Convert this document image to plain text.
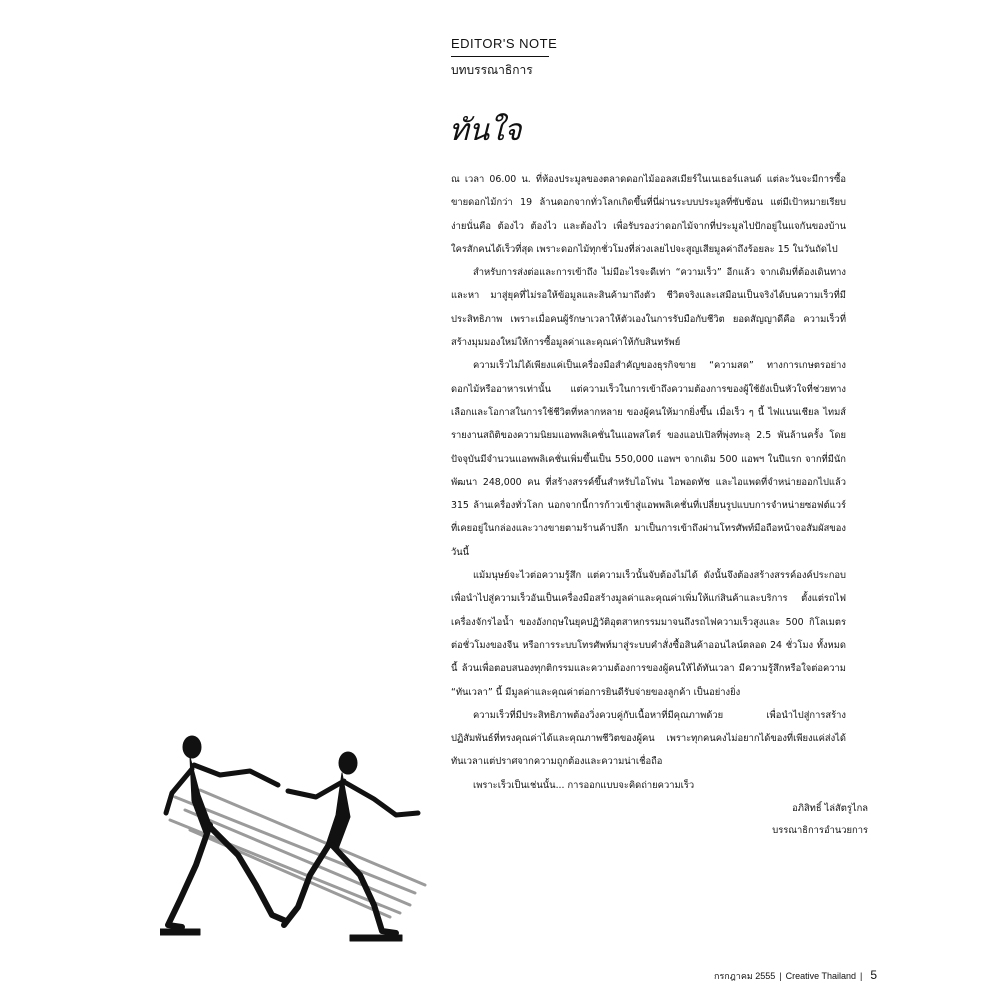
EDITOR'S NOTE
บทบรรณาธิการ
ทันใจ

ณ เวลา 06.00 น. ที่ห้องประมูลของตลาดดอกไม้ออลสเมียร์ในเนเธอร์แลนด์ แต่ละวันจะมีการซื้อขายดอกไม้กว่า 19 ล้านดอกจากทั่วโลกเกิดขึ้นที่นี่ผ่านระบบประมูลที่ซับซ้อน แต่มีเป้าหมายเรียบง่ายนั่นคือ ต้องไว ต้องไว และต้องไว เพื่อรับรองว่าดอกไม้จากที่ประมูลไปปักอยู่ในแจกันของบ้านใครสักคนได้เร็วที่สุด เพราะดอกไม้ทุกชั่วโมงที่ล่วงเลยไปจะสูญเสียมูลค่าถึงร้อยละ 15 ในวันถัดไป

สำหรับการส่งต่อและการเข้าถึง ไม่มีอะไรจะดีเท่า “ความเร็ว” อีกแล้ว จากเดิมที่ต้องเดินทางและหา มาสู่ยุคที่ไม่รอให้ข้อมูลและสินค้ามาถึงตัว ชีวิตจริงและเสมือนเป็นจริงได้บนความเร็วที่มีประสิทธิภาพ เพราะเมื่อคนผู้รักษาเวลาให้ตัวเองในการรับมือกับชีวิต ยอดสัญญาดีคือ ความเร็วที่สร้างมุมมองใหม่ให้การซื้อมูลค่าและคุณค่าให้กับสินทรัพย์

ความเร็วไม่ได้เพียงแค่เป็นเครื่องมือสำคัญของธุรกิจขาย “ความสด” ทางการเกษตรอย่างดอกไม้หรืออาหารเท่านั้น แต่ความเร็วในการเข้าถึงความต้องการของผู้ใช้ยังเป็นหัวใจที่ช่วยทางเลือกและโอกาสในการใช้ชีวิตที่หลากหลาย ของผู้คนให้มากยิ่งขึ้น เมื่อเร็ว ๆ นี้ ไฟแนนเชียล ไทมส์ รายงานสถิติของความนิยมแอพพลิเคชั่นในแอพสโตร์ ของแอปเปิลที่พุ่งทะลุ 2.5 พันล้านครั้ง โดยปัจจุบันมีจำนวนแอพพลิเคชั่นเพิ่มขึ้นเป็น 550,000 แอพฯ จากเดิม 500 แอพฯ ในปีแรก จากที่มีนักพัฒนา 248,000 คน ที่สร้างสรรค์ขึ้นสำหรับไอโฟน ไอพอดทัช และไอแพดที่จำหน่ายออกไปแล้ว 315 ล้านเครื่องทั่วโลก นอกจากนี้การก้าวเข้าสู่แอพพลิเคชั่นที่เปลี่ยนรูปแบบการจำหน่ายซอฟต์แวร์ที่เคยอยู่ในกล่องและวางขายตามร้านค้าปลีก มาเป็นการเข้าถึงผ่านโทรศัพท์มือถือหน้าจอสัมผัสของวันนี้

แม้มนุษย์จะไวต่อความรู้สึก แต่ความเร็วนั้นจับต้องไม่ได้ ดังนั้นจึงต้องสร้างสรรค์องค์ประกอบเพื่อนำไปสู่ความเร็วอันเป็นเครื่องมือสร้างมูลค่าและคุณค่าเพิ่มให้แก่สินค้าและบริการ ตั้งแต่รถไฟเครื่องจักรไอน้ำ ของอังกฤษในยุคปฏิวัติอุตสาหกรรมมาจนถึงรถไฟความเร็วสูงและ 500 กิโลเมตรต่อชั่วโมงของจีน หรือการระบบโทรศัพท์มาสู่ระบบคำสั่งซื้อสินค้าออนไลน์ตลอด 24 ชั่วโมง ทั้งหมดนี้ ล้วนเพื่อตอบสนองทุกติกรรมและความต้องการของผู้คนให้ได้ทันเวลา มีความรู้สึกหรือใจต่อความ “ทันเวลา” นี้ มีมูลค่าและคุณค่าต่อการยินดีรับจ่ายของลูกค้า เป็นอย่างยิ่ง

ความเร็วที่มีประสิทธิภาพต้องวิ่งควบคู่กับเนื้อหาที่มีคุณภาพด้วย เพื่อนำไปสู่การสร้างปฏิสัมพันธ์ที่ทรงคุณค่าได้และคุณภาพชีวิตของผู้คน เพราะทุกคนคงไม่อยากได้ของที่เพียงแค่ส่งได้ทันเวลาแต่ปราศจากความถูกต้องและความน่าเชื่อถือ

เพราะเร็วเป็นเช่นนั้น... การออกแบบจะคิดถ่ายความเร็ว

อภิสิทธิ์ ไล่สัตรูไกล
บรรณาธิการอำนวยการ
กรกฎาคม 2555 | Creative Thailand | 5
